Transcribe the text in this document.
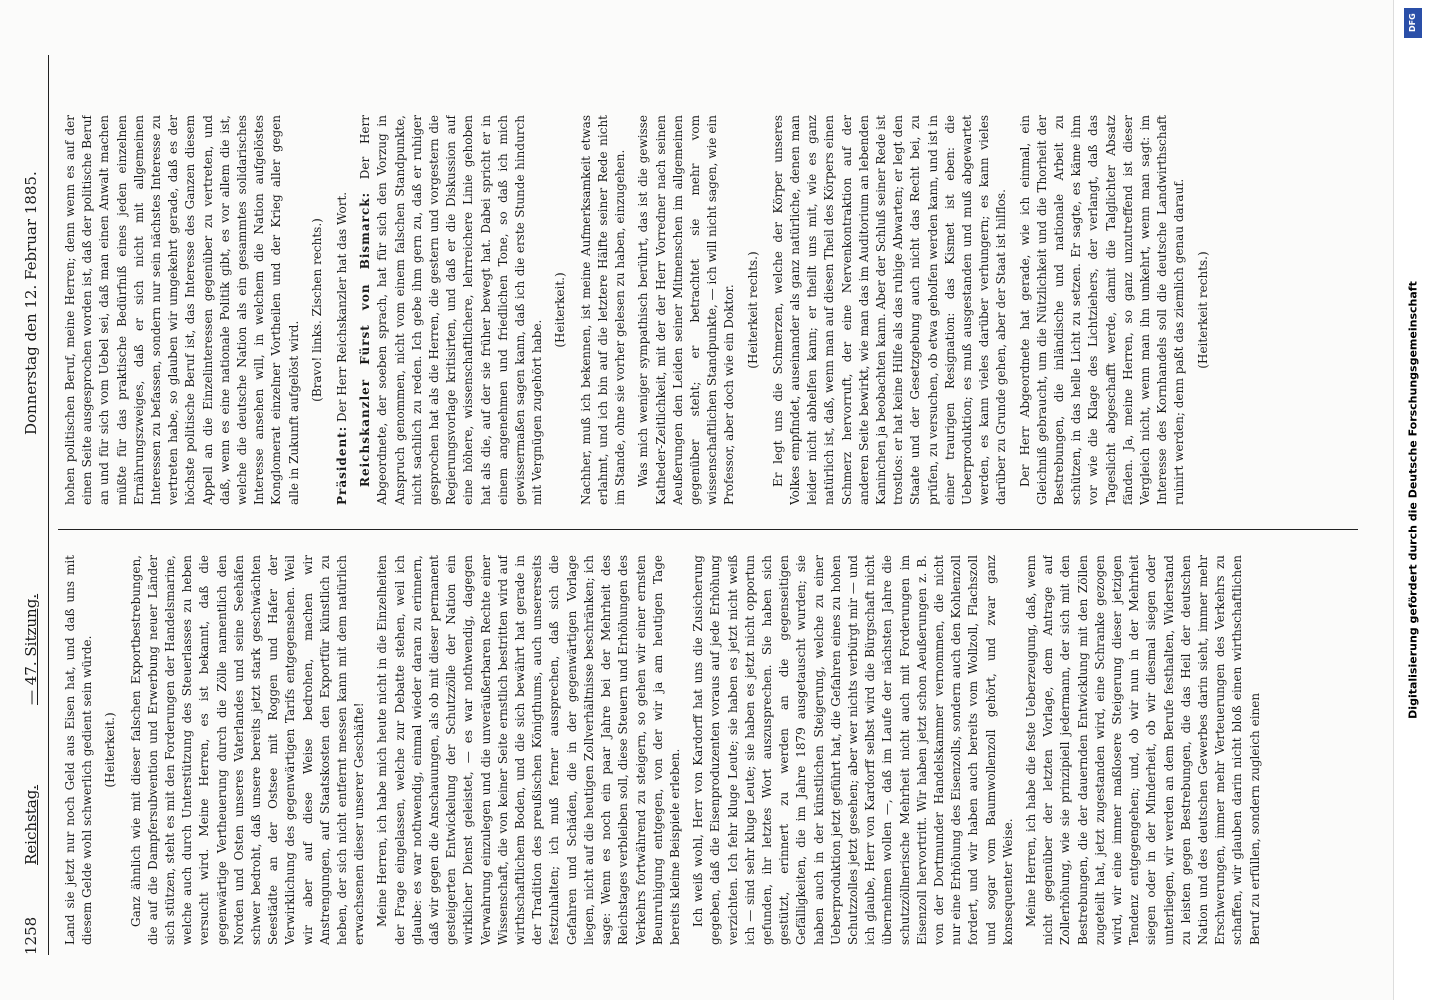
1258
Reichstag.
— 47. Sitzung.
Donnerstag den 12. Februar 1885.

Land sie jetzt nur noch Geld aus Eisen hat, und daß uns mit diesem Gelde wohl schwerlich gedient sein würde. (Heiterkeit.) Ganz ähnlich wie mit dieser falschen Exportbestrebungen, die auf die Dampfersubvention und Erwerbung neuer Länder sich stützen, steht es mit den Forderungen der Handelsmarine, welche auch durch Unterstützung des Steuerlasses zu heben versucht wird. Meine Herren, es ist bekannt, daß die gegenwärtige Vertheuerung durch die Zölle namentlich den Norden und Osten unseres Vaterlandes und seine Seehäfen schwer bedroht, daß unsere bereits jetzt stark geschwächten Seestädte an der Ostsee mit Roggen und Hafer der Verwirklichung des gegenwärtigen Tarifs entgegensehen. Weil wir aber auf diese Weise bedrohen, machen wir Anstrengungen, auf Staatskosten den Exportfür künstlich zu heben, der sich nicht entfernt messen kann mit dem natürlich erwachsenen dieser unserer Geschäfte! Meine Herren, ich habe mich heute nicht in die Einzelheiten der Frage eingelassen, welche zur Debatte stehen, weil ich glaube: es war nothwendig, einmal wieder daran zu erinnern, daß wir gegen die Anschauungen, als ob mit dieser permanent gesteigerten Entwickelung der Schutzzölle der Nation ein wirklicher Dienst geleistet, — es war nothwendig, dagegen Verwahrung einzulegen und die unveräußerbaren Rechte einer Wissenschaft, die von keiner Seite ernstlich bestritten wird auf wirthschaftlichem Boden, und die sich bewährt hat gerade in der Tradition des preußischen Königthums, auch unsererseits festzuhalten; ich muß ferner aussprechen, daß sich die Gefahren und Schäden, die in der gegenwärtigen Vorlage liegen, nicht auf die heutigen Zollverhältnisse beschränken; ich sage: Wenn es noch ein paar Jahre bei der Mehrheit des Reichstages verbleiben soll, diese Steuern und Erhöhungen des Verkehrs fortwährend zu steigern, so gehen wir einer ernsten Beunruhigung entgegen, von der wir ja am heutigen Tage bereits kleine Beispiele erleben. Ich weiß wohl, Herr von Kardorff hat uns die Zusicherung gegeben, daß die Eisenproduzenten voraus auf jede Erhöhung verzichten. Ich fehr kluge Leute; sie haben es jetzt nicht weiß ich — sind sehr kluge Leute; sie haben es jetzt nicht opportun gefunden, ihr letztes Wort auszusprechen. Sie haben sich gestützt, erinnert zu werden an die gegenseitigen Gefälligkeiten, die im Jahre 1879 ausgetauscht wurden; sie haben auch in der künstlichen Steigerung, welche zu einer Ueberproduktion jetzt geführt hat, die Gefahren eines zu hohen Schutzzolles jetzt gesehen; aber wer nichts verbürgt mir — und ich glaube, Herr von Kardorff selbst wird die Bürgschaft nicht übernehmen wollen —, daß im Laufe der nächsten Jahre die schutzzöllnerische Mehrheit nicht auch mit Forderungen im Eisenzoll hervortritt. Wir haben jetzt schon Aeußerungen z. B. von der Dortmunder Handelskammer vernommen, die nicht nur eine Erhöhung des Eisenzolls, sondern auch den Kohlenzoll fordert, und wir haben auch bereits vom Wollzoll, Flachszoll und sogar vom Baumwollenzoll gehört, und zwar ganz konsequenter Weise. Meine Herren, ich habe die feste Ueberzeugung, daß, wenn nicht gegenüber der letzten Vorlage, dem Antrage auf Zollerhöhung, wie sie prinzipiell jedermann, der sich mit den Bestrebungen, die der dauernden Entwicklung mit den Zöllen zugeteilt hat, jetzt zugestanden wird, eine Schranke gezogen wird, wir eine immer maßlosere Steigerung dieser jetzigen Tendenz entgegengehen; und, ob wir nun in der Mehrheit siegen oder in der Minderheit, ob wir diesmal siegen oder unterliegen, wir werden an dem Berufe festhalten, Widerstand zu leisten gegen Bestrebungen, die das Heil der deutschen Nation und des deutschen Gewerbes darin sieht, immer mehr Erschwerungen, immer mehr Verteuerungen des Verkehrs zu schaffen, wir glauben darin nicht bloß einen wirthschaftlichen Beruf zu erfüllen, sondern zugleich einen

hohen politischen Beruf, meine Herren; denn wenn es auf der einen Seite ausgesprochen worden ist, daß der politische Beruf an und für sich vom Uebel sei, daß man einen Anwalt machen müßte für das praktische Bedürfniß eines jeden einzelnen Ernährungszweiges, daß er sich nicht mit allgemeinen Interessen zu befassen, sondern nur sein nächstes Interesse zu vertreten habe, so glauben wir umgekehrt gerade, daß es der höchste politische Beruf ist, das Interesse des Ganzen diesem Appell an die Einzelinteressen gegenüber zu vertreten, und daß, wenn es eine nationale Politik gibt, es vor allem die ist, welche die deutsche Nation als ein gesammtes solidarisches Interesse ansehen will, in welchem die Nation aufgelöstes Konglomerat einzelner Vortheilen und der Krieg aller gegen alle in Zukunft aufgelöst wird.

(Bravo! links. Zischen rechts.)

Präsident: Der Herr Reichskanzler hat das Wort. Reichskanzler Fürst von Bismarck: Der Herr Abgeordnete, der soeben sprach, hat für sich den Vorzug in Anspruch genommen, nicht vom einem falschen Standpunkte, nicht sachlich zu reden. Ich gebe ihm gern zu, daß er ruhiger gesprochen hat als die Herren, die gestern und vorgestern die Regierungsvorlage kritisirten, und daß er die Diskussion auf eine höhere, wissenschaftlichere, lehrreichere Linie gehoben hat als die, auf der sie früher bewegt hat. Dabei spricht er in einem angenehmen und friedlichen Tone, so daß ich mich gewissermaßen sagen kann, daß ich die erste Stunde hindurch mit Vergnügen zugehört habe.

(Heiterkeit.) Nachher, muß ich bekennen, ist meine Aufmerksamkeit etwas erlahmt, und ich bin auf die letztere Hälfte seiner Rede nicht im Stande, ohne sie vorher gelesen zu haben, einzugehen. Was mich weniger sympathisch berührt, das ist die gewisse Katheder-Zeitlichkeit, mit der der Herr Vorredner nach seinen Aeußerungen den Leiden seiner Mitmenschen im allgemeinen gegenüber steht; er betrachtet sie mehr vom wissenschaftlichen Standpunkte, — ich will nicht sagen, wie ein Professor, aber doch wie ein Doktor. (Heiterkeit rechts.) Er legt uns die Schmerzen, welche der Körper unseres Volkes empfindet, auseinander als ganz natürliche, denen man leider nicht abhelfen kann; er theilt uns mit, wie es ganz natürlich ist, daß, wenn man auf diesen Theil des Körpers einen Schmerz hervorruft, der eine Nervenkontraktion auf der anderen Seite bewirkt, wie man das im Auditorium an lebenden Kaninchen ja beobachten kann. Aber der Schluß seiner Rede ist trostlos: er hat keine Hilfe als das ruhige Abwarten; er legt den Staate und der Gesetzgebung auch nicht das Recht bei, zu prüfen, zu versuchen, ob etwa geholfen werden kann, und ist in einer traurigen Resignation: das Kismet ist eben: die Ueberproduktion; es muß ausgestanden und muß abgewartet werden, es kann vieles darüber verhungern; es kann vieles darüber zu Grunde gehen, aber der Staat ist hilflos. Der Herr Abgeordnete hat gerade, wie ich einmal, ein Gleichniß gebraucht, um die Nützlichkeit und die Thorheit der Bestrebungen, die inländische und nationale Arbeit zu schützen, in das helle Licht zu setzen. Er sagte, es käme ihm vor wie die Klage des Lichtziehers, der verlangt, daß das Tageslicht abgeschafft werde, damit die Talglichter Absatz fänden. Ja, meine Herren, so ganz unzutreffend ist dieser Vergleich nicht, wenn man ihn umkehrt, wenn man sagt: im Interesse des Kornhandels soll die deutsche Landwirthschaft ruinirt werden; denn paßt das ziemlich genau darauf. (Heiterkeit rechts.)

DFG
Digitalisierung gefördert durch die Deutsche Forschungsgemeinschaft
